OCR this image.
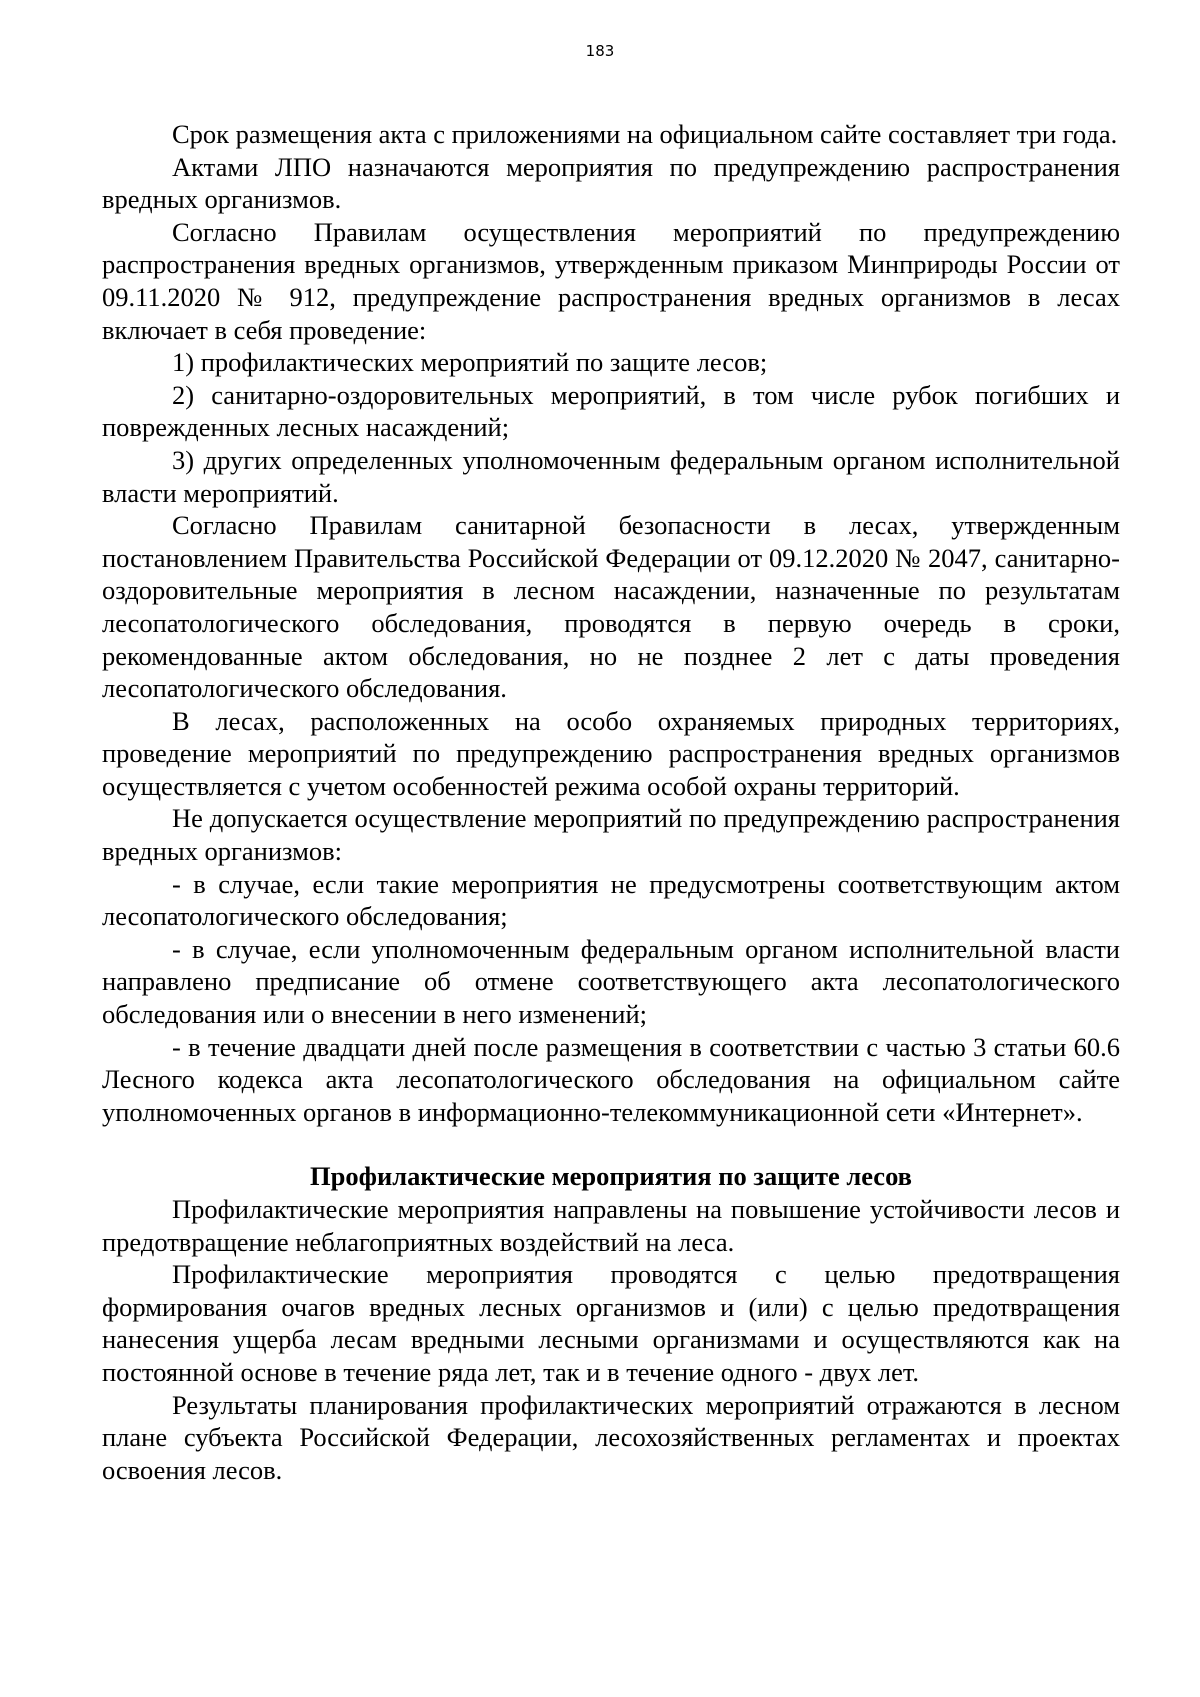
183

Срок размещения акта с приложениями на официальном сайте составляет три года.

Актами ЛПО назначаются мероприятия по предупреждению распространения вредных организмов.

Согласно Правилам осуществления мероприятий по предупреждению распространения вредных организмов, утвержденным приказом Минприроды России от 09.11.2020 № 912, предупреждение распространения вредных организмов в лесах включает в себя проведение:

1) профилактических мероприятий по защите лесов;

2) санитарно-оздоровительных мероприятий, в том числе рубок погибших и поврежденных лесных насаждений;

3) других определенных уполномоченным федеральным органом исполнительной власти мероприятий.

Согласно Правилам санитарной безопасности в лесах, утвержденным постановлением Правительства Российской Федерации от 09.12.2020 № 2047, санитарно-оздоровительные мероприятия в лесном насаждении, назначенные по результатам лесопатологического обследования, проводятся в первую очередь в сроки, рекомендованные актом обследования, но не позднее 2 лет с даты проведения лесопатологического обследования.

В лесах, расположенных на особо охраняемых природных территориях, проведение мероприятий по предупреждению распространения вредных организмов осуществляется с учетом особенностей режима особой охраны территорий.

Не допускается осуществление мероприятий по предупреждению распространения вредных организмов:

- в случае, если такие мероприятия не предусмотрены соответствующим актом лесопатологического обследования;

- в случае, если уполномоченным федеральным органом исполнительной власти направлено предписание об отмене соответствующего акта лесопатологического обследования или о внесении в него изменений;

- в течение двадцати дней после размещения в соответствии с частью 3 статьи 60.6 Лесного кодекса акта лесопатологического обследования на официальном сайте уполномоченных органов в информационно-телекоммуникационной сети «Интернет».

Профилактические мероприятия по защите лесов

Профилактические мероприятия направлены на повышение устойчивости лесов и предотвращение неблагоприятных воздействий на леса.

Профилактические мероприятия проводятся с целью предотвращения формирования очагов вредных лесных организмов и (или) с целью предотвращения нанесения ущерба лесам вредными лесными организмами и осуществляются как на постоянной основе в течение ряда лет, так и в течение одного - двух лет.

Результаты планирования профилактических мероприятий отражаются в лесном плане субъекта Российской Федерации, лесохозяйственных регламентах и проектах освоения лесов.
